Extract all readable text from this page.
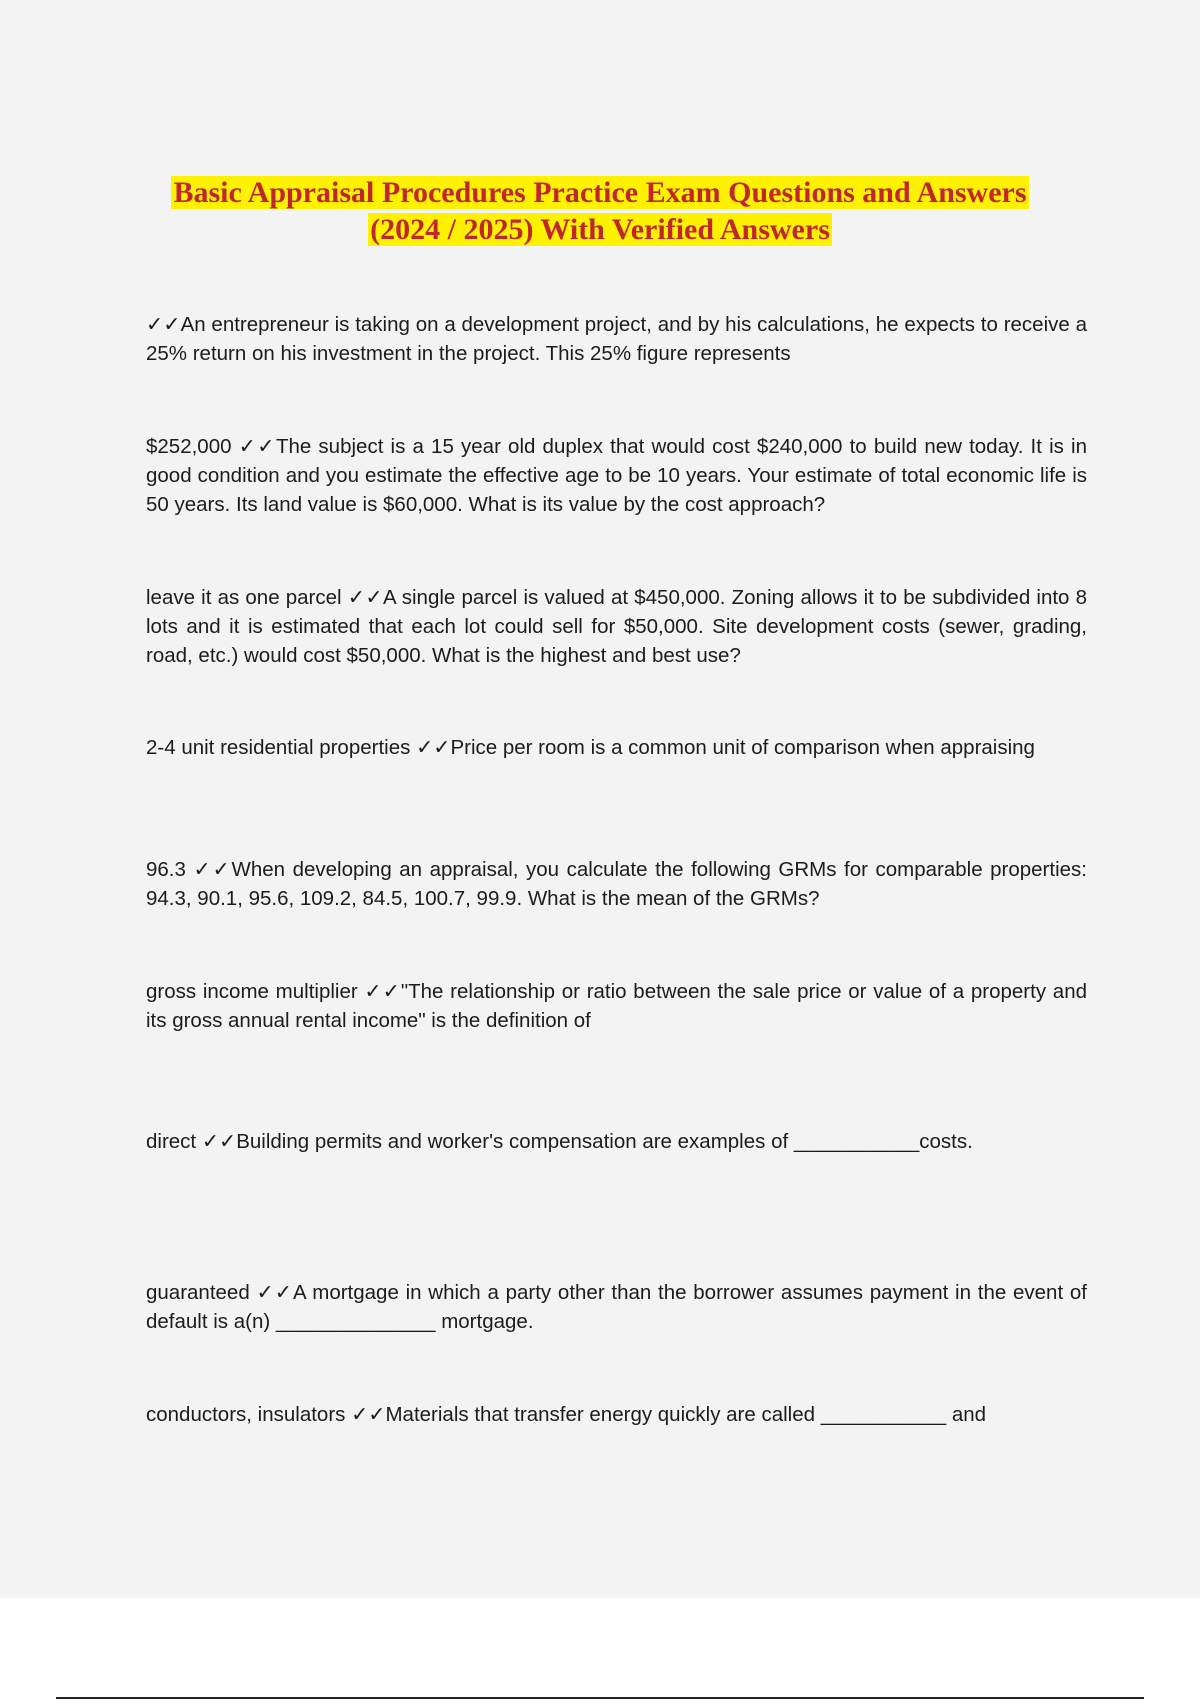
Basic Appraisal Procedures Practice Exam Questions and Answers
(2024 / 2025) With Verified Answers

✓✓An entrepreneur is taking on a development project, and by his calculations, he expects to receive a 25% return on his investment in the project. This 25% figure represents

$252,000 ✓✓The subject is a 15 year old duplex that would cost $240,000 to build new today. It is in good condition and you estimate the effective age to be 10 years. Your estimate of total economic life is 50 years. Its land value is $60,000. What is its value by the cost approach?

leave it as one parcel ✓✓A single parcel is valued at $450,000. Zoning allows it to be subdivided into 8 lots and it is estimated that each lot could sell for $50,000. Site development costs (sewer, grading, road, etc.) would cost $50,000. What is the highest and best use?

2-4 unit residential properties ✓✓Price per room is a common unit of comparison when appraising

96.3 ✓✓When developing an appraisal, you calculate the following GRMs for comparable properties: 94.3, 90.1, 95.6, 109.2, 84.5, 100.7, 99.9. What is the mean of the GRMs?

gross income multiplier ✓✓"The relationship or ratio between the sale price or value of a property and its gross annual rental income" is the definition of

direct ✓✓Building permits and worker's compensation are examples of ___________costs.

guaranteed ✓✓A mortgage in which a party other than the borrower assumes payment in the event of default is a(n) ______________ mortgage.

conductors, insulators ✓✓Materials that transfer energy quickly are called ___________ and
